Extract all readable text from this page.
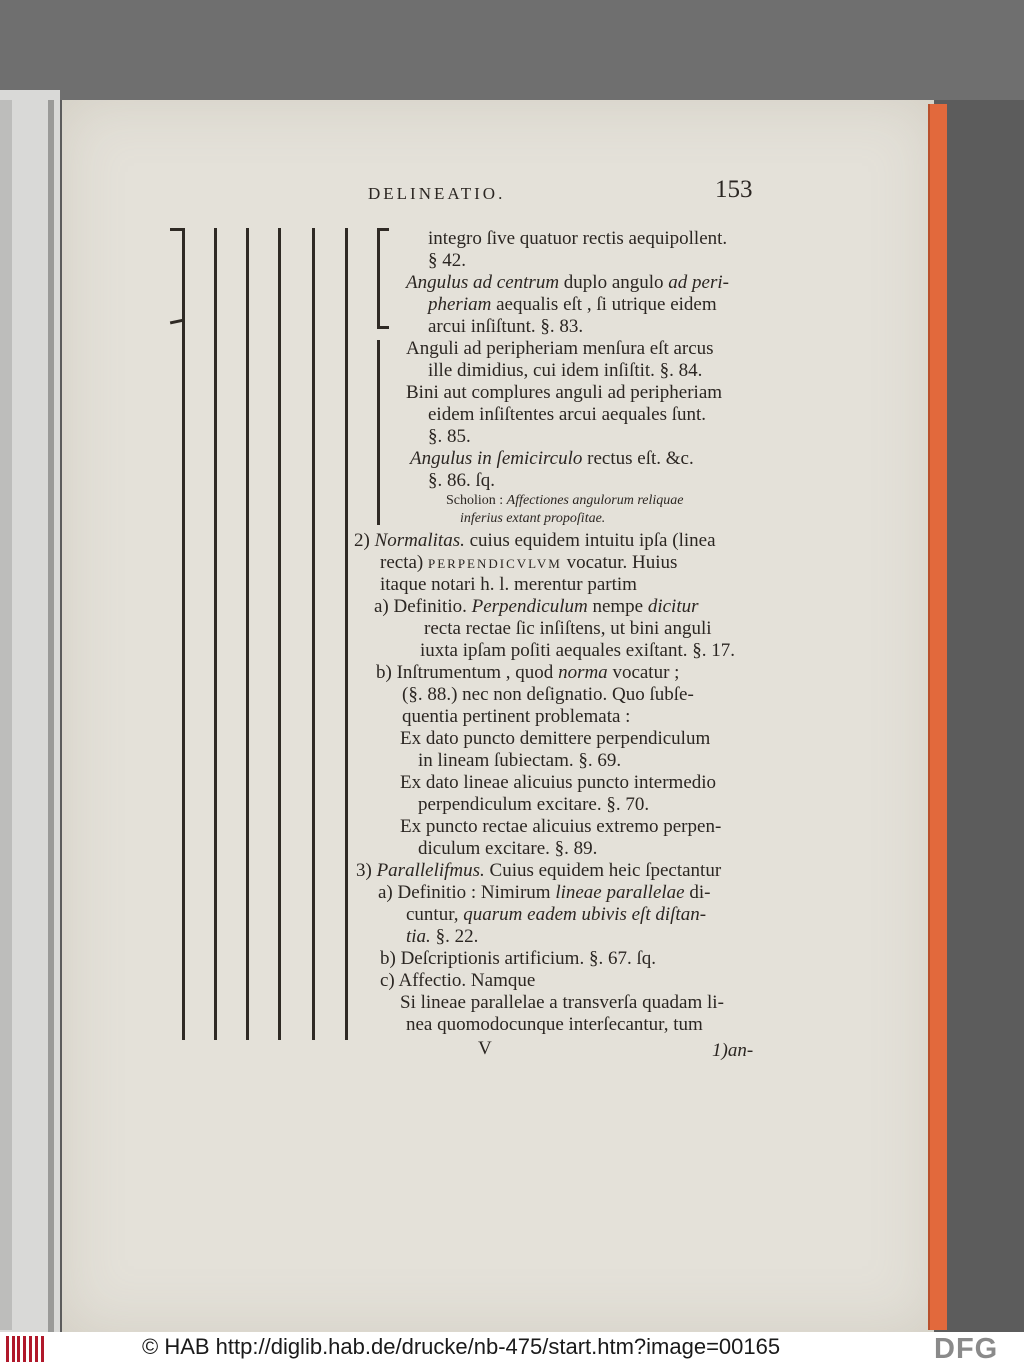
DELINEATIO.	153
integro ſive quatuor rectis aequipollent.
§ 42.
Angulus ad centrum duplo angulo ad peri-
pheriam aequalis eſt , ſi utrique eidem
arcui inſiſtunt. §. 83.
Anguli ad peripheriam menſura eſt arcus
ille dimidius, cui idem inſiſtit. §. 84.
Bini aut complures anguli ad peripheriam
eidem inſiſtentes arcui aequales ſunt.
§. 85.
Angulus in ſemicirculo rectus eſt. &c.
§. 86. ſq.
Scholion : Affectiones angulorum reliquae
inferius extant propoſitae.
2) Normalitas. cuius equidem intuitu ipſa (linea
recta) PERPENDICVLVM vocatur. Huius
itaque notari h. l. merentur partim
a) Definitio. Perpendiculum nempe dicitur
recta rectae ſic inſiſtens, ut bini anguli
iuxta ipſam poſiti aequales exiſtant. §. 17.
b) Inſtrumentum , quod norma vocatur ;
(§. 88.) nec non deſignatio. Quo ſubſe-
quentia pertinent problemata :
Ex dato puncto demittere perpendiculum
in lineam ſubiectam. §. 69.
Ex dato lineae alicuius puncto intermedio
perpendiculum excitare. §. 70.
Ex puncto rectae alicuius extremo perpen-
diculum excitare. §. 89.
3) Parallelifmus. Cuius equidem heic ſpectantur
a) Definitio : Nimirum lineae parallelae di-
cuntur, quarum eadem ubivis eſt diſtan-
tia. §. 22.
b) Deſcriptionis artificium. §. 67. ſq.
c) Affectio. Namque
Si lineae parallelae a transverſa quadam li-
nea quomodocunque interſecantur, tum
V	1)an-
© HAB http://diglib.hab.de/drucke/nb-475/start.htm?image=00165	DFG
